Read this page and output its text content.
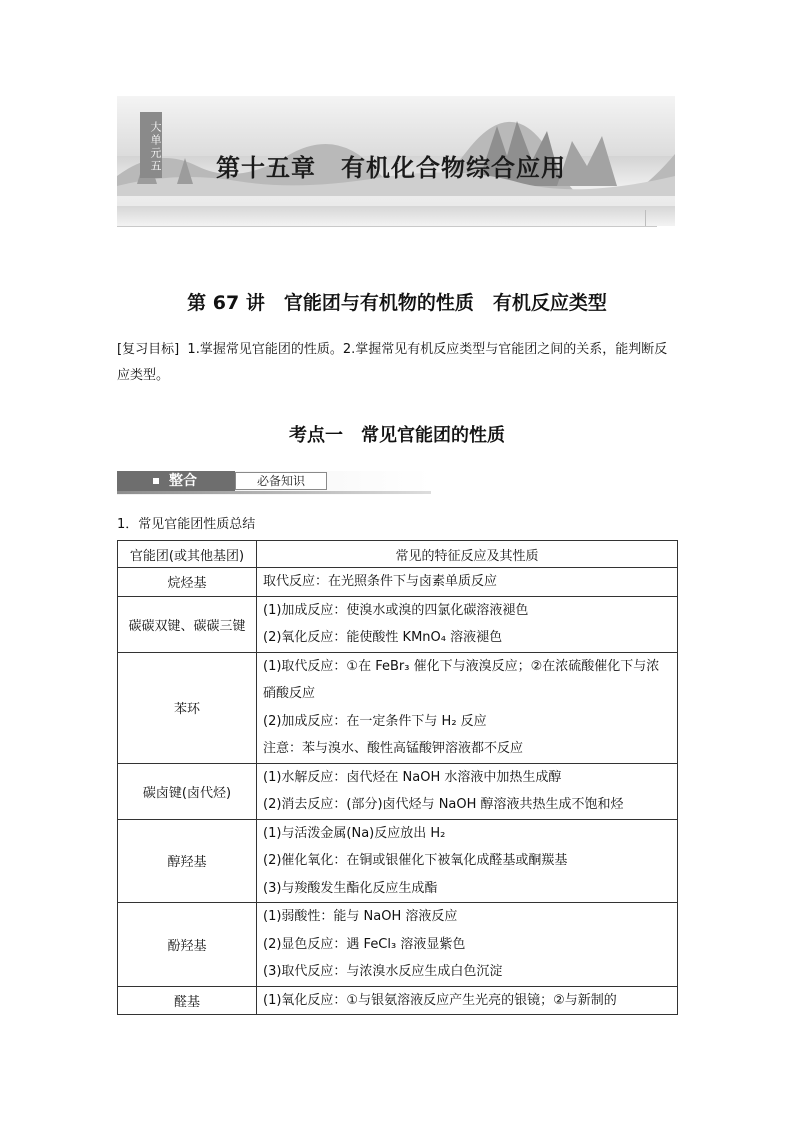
大单元五 第十五章　有机化合物综合应用
第 67 讲　官能团与有机物的性质　有机反应类型
[复习目标] 1.掌握常见官能团的性质。2.掌握常见有机反应类型与官能团之间的关系，能判断反应类型。
考点一　常见官能团的性质
整合	必备知识
1．常见官能团性质总结
官能团(或其他基团)	常见的特征反应及其性质
烷烃基	取代反应：在光照条件下与卤素单质反应

碳碳双键、碳碳三键	(1)加成反应：使溴水或溴的四氯化碳溶液褪色
(2)氧化反应：能使酸性 KMnO₄ 溶液褪色

苯环	(1)取代反应：①在 FeBr₃ 催化下与液溴反应；②在浓硫酸催化下与浓硝酸反应
(2)加成反应：在一定条件下与 H₂ 反应
注意：苯与溴水、酸性高锰酸钾溶液都不反应

碳卤键(卤代烃)	(1)水解反应：卤代烃在 NaOH 水溶液中加热生成醇
(2)消去反应：(部分)卤代烃与 NaOH 醇溶液共热生成不饱和烃

醇羟基	(1)与活泼金属(Na)反应放出 H₂
(2)催化氧化：在铜或银催化下被氧化成醛基或酮羰基
(3)与羧酸发生酯化反应生成酯

酚羟基	(1)弱酸性：能与 NaOH 溶液反应
(2)显色反应：遇 FeCl₃ 溶液显紫色
(3)取代反应：与浓溴水反应生成白色沉淀

醛基	(1)氧化反应：①与银氨溶液反应产生光亮的银镜；②与新制的
